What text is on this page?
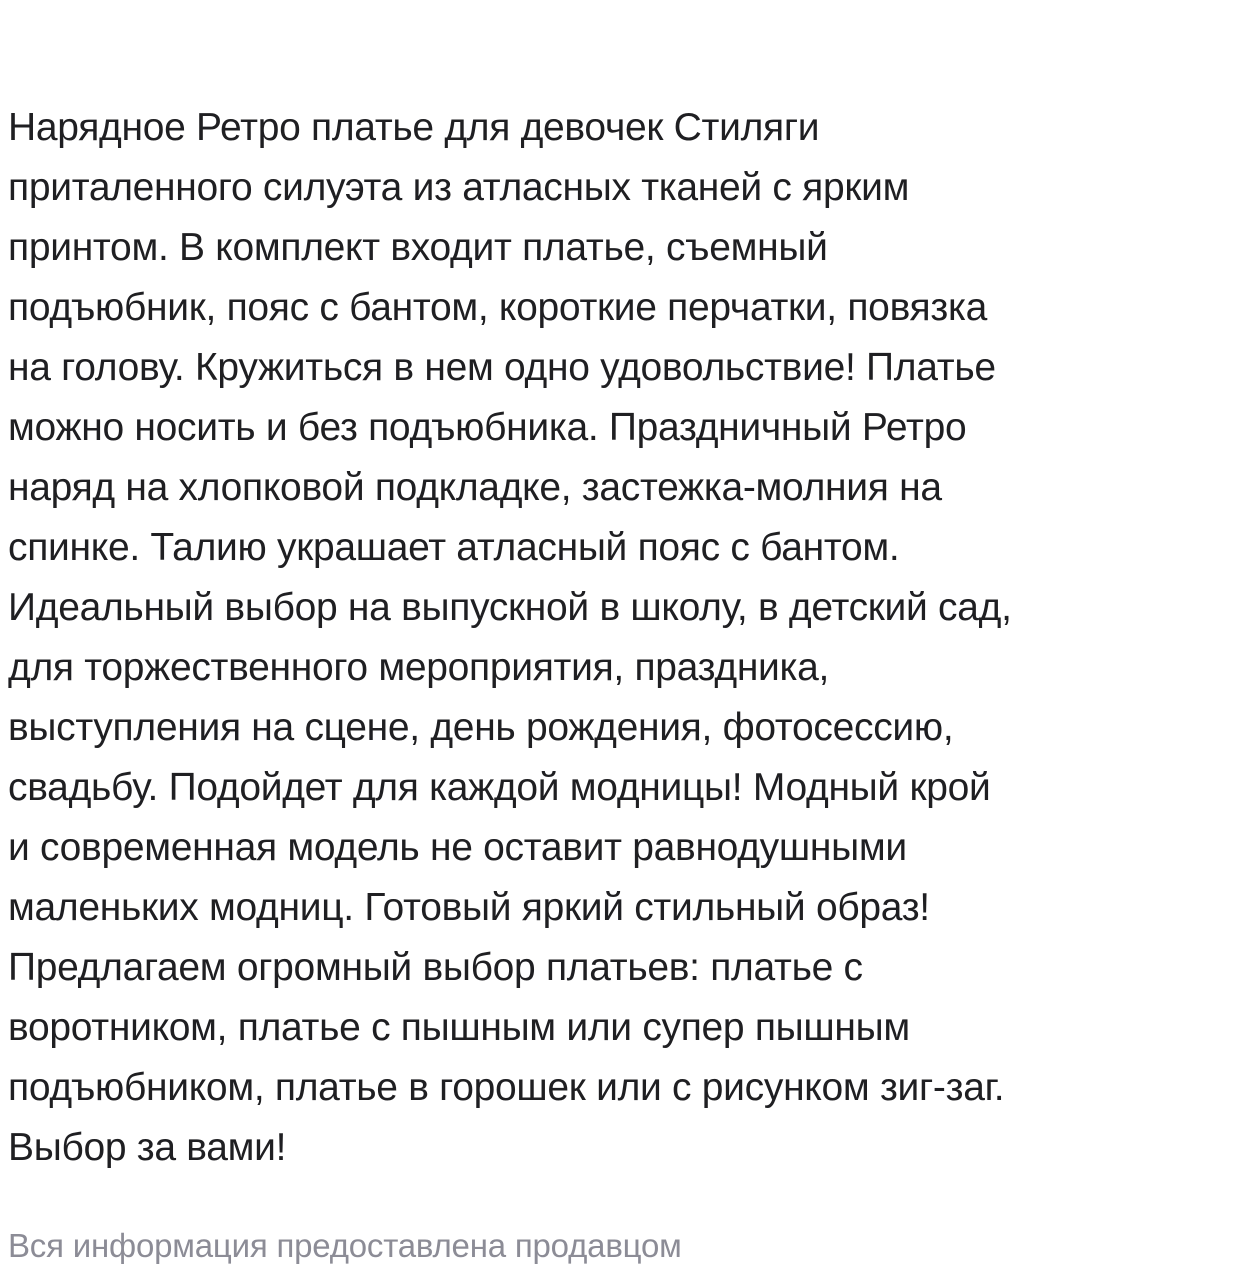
Нарядное Ретро платье для девочек Стиляги
приталенного силуэта из атласных тканей с ярким
принтом. В комплект входит платье, съемный
подъюбник, пояс с бантом, короткие перчатки, повязка
на голову. Кружиться в нем одно удовольствие! Платье
можно носить и без подъюбника. Праздничный Ретро
наряд на хлопковой подкладке, застежка-молния на
спинке. Талию украшает атласный пояс с бантом.
Идеальный выбор на выпускной в школу, в детский сад,
для торжественного мероприятия, праздника,
выступления на сцене, день рождения, фотосессию,
свадьбу. Подойдет для каждой модницы! Модный крой
и современная модель не оставит равнодушными
маленьких модниц. Готовый яркий стильный образ!
Предлагаем огромный выбор платьев: платье с
воротником, платье с пышным или супер пышным
подъюбником, платье в горошек или с рисунком зиг-заг.
Выбор за вами!
Вся информация предоставлена продавцом
